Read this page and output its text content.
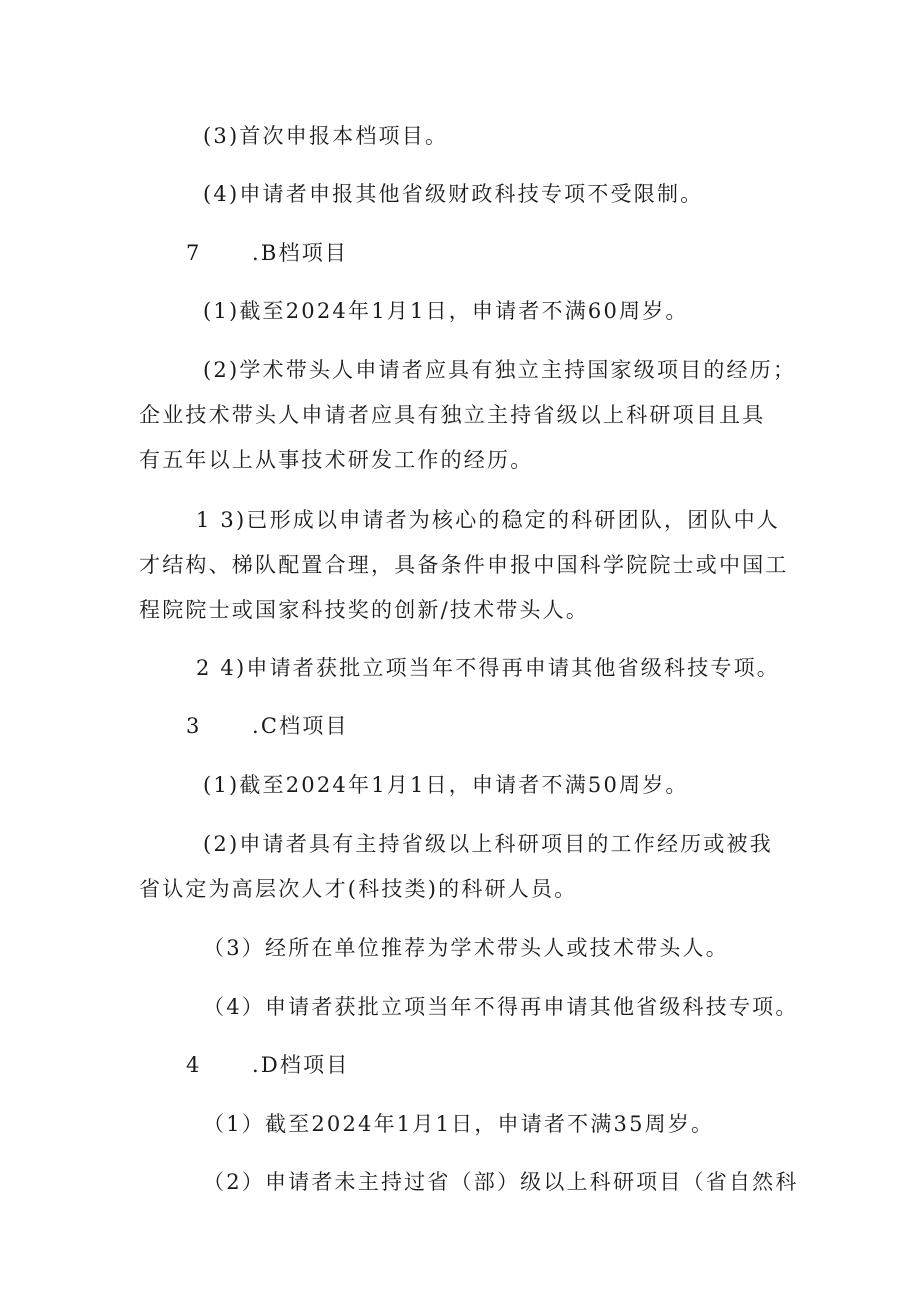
(3)首次申报本档项目。
(4)申请者申报其他省级财政科技专项不受限制。
7 .B档项目
(1)截至2024年1月1日，申请者不满60周岁。
(2)学术带头人申请者应具有独立主持国家级项目的经历；
企业技术带头人申请者应具有独立主持省级以上科研项目且具
有五年以上从事技术研发工作的经历。
1 3)已形成以申请者为核心的稳定的科研团队，团队中人
才结构、梯队配置合理，具备条件申报中国科学院院士或中国工
程院院士或国家科技奖的创新/技术带头人。
2 4)申请者获批立项当年不得再申请其他省级科技专项。
3 .C档项目
(1)截至2024年1月1日，申请者不满50周岁。
(2)申请者具有主持省级以上科研项目的工作经历或被我
省认定为高层次人才(科技类)的科研人员。
（3）经所在单位推荐为学术带头人或技术带头人。
（4）申请者获批立项当年不得再申请其他省级科技专项。
4 .D档项目
（1）截至2024年1月1日，申请者不满35周岁。
（2）申请者未主持过省（部）级以上科研项目（省自然科
